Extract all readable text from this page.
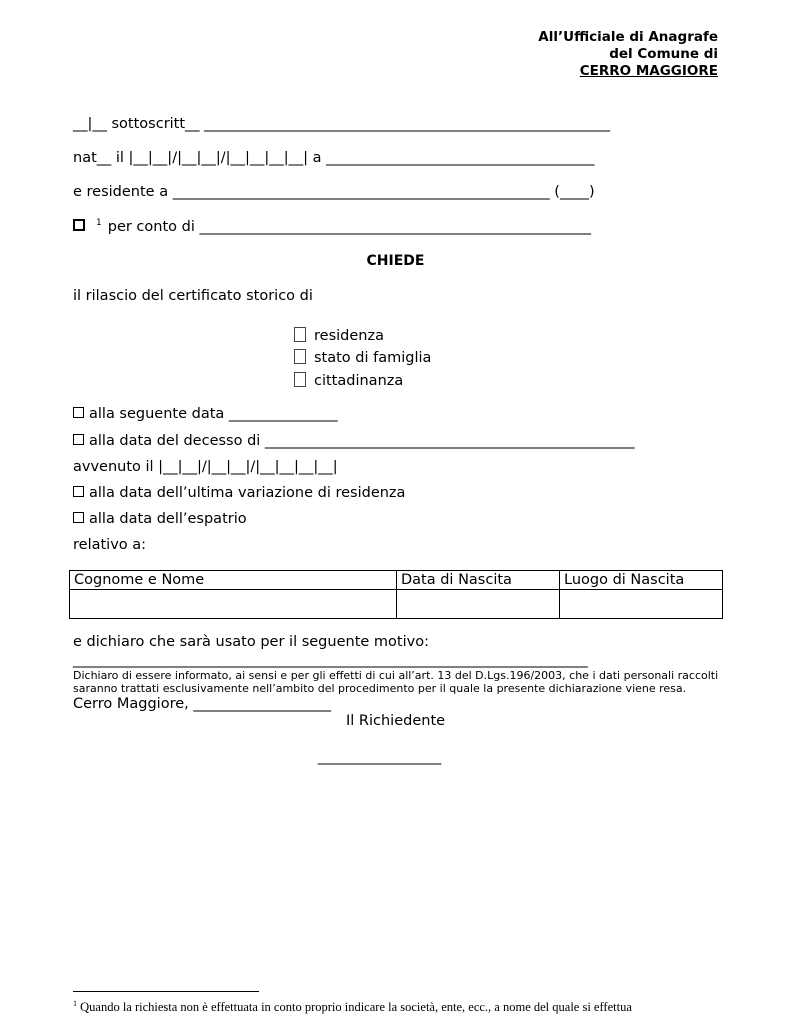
All’Ufficiale di Anagrafe
del Comune di
CERRO MAGGIORE
__|__ sottoscritt__ ________________________________________________________
nat__ il |__|__|/|__|__|/|__|__|__|__| a _____________________________________
e residente a ____________________________________________________ (____)
$^1$ per conto di ______________________________________________________
CHIEDE
il rilascio del certificato storico di
residenza
stato di famiglia
cittadinanza
alla seguente data _______________
alla data del decesso di ___________________________________________________
avvenuto il |__|__|/|__|__|/|__|__|__|__|
alla data dell’ultima variazione di residenza
alla data dell’espatrio
relativo a:
Cognome e Nome	Data di Nascita	Luogo di Nascita

e dichiaro che sarà usato per il seguente motivo:
_______________________________________________________________________
Dichiaro di essere informato, ai sensi e per gli effetti di cui all’art. 13 del D.Lgs.196/2003, che i dati personali raccolti
saranno trattati esclusivamente nell’ambito del procedimento per il quale la presente dichiarazione viene resa.
Cerro Maggiore, ___________________
Il Richiedente
_________________
$^1$ Quando la richiesta non è effettuata in conto proprio indicare la società, ente, ecc., a nome del quale si effettua
